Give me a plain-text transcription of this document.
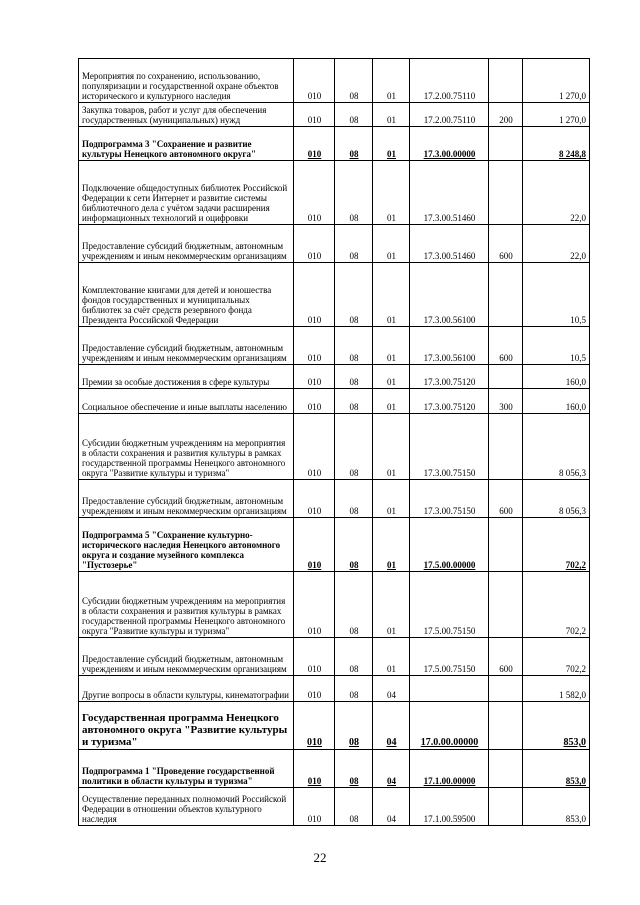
Мероприятия по сохранению, использованию, популяризации и государственной охране объектов исторического и культурного наследия	010	08	01	17.2.00.75110		1 270,0
Закупка товаров, работ и услуг для обеспечения государственных (муниципальных) нужд	010	08	01	17.2.00.75110	200	1 270,0
Подпрограмма 3 "Сохранение и развитие культуры Ненецкого автономного округа"	010	08	01	17.3.00.00000		8 248,8
Подключение общедоступных библиотек Российской Федерации к сети Интернет и развитие системы библиотечного дела с учётом задачи расширения информационных технологий и оцифровки	010	08	01	17.3.00.51460		22,0
Предоставление субсидий бюджетным, автономным учреждениям и иным некоммерческим организациям	010	08	01	17.3.00.51460	600	22,0
Комплектование книгами для детей и юношества фондов государственных и муниципальных библиотек за счёт средств резервного фонда Президента Российской Федерации	010	08	01	17.3.00.56100		10,5
Предоставление субсидий бюджетным, автономным учреждениям и иным некоммерческим организациям	010	08	01	17.3.00.56100	600	10,5
Премии за особые достижения в сфере культуры	010	08	01	17.3.00.75120		160,0
Социальное обеспечение и иные выплаты населению	010	08	01	17.3.00.75120	300	160,0
Субсидии бюджетным учреждениям на мероприятия в области сохранения и развития культуры в рамках государственной программы Ненецкого автономного округа "Развитие культуры и туризма"	010	08	01	17.3.00.75150		8 056,3
Предоставление субсидий бюджетным, автономным учреждениям и иным некоммерческим организациям	010	08	01	17.3.00.75150	600	8 056,3
Подпрограмма 5 "Сохранение культурно-исторического наследия Ненецкого автономного округа и создание музейного комплекса "Пустозерье"	010	08	01	17.5.00.00000		702,2
Субсидии бюджетным учреждениям на мероприятия в области сохранения и развития культуры в рамках государственной программы Ненецкого автономного округа "Развитие культуры и туризма"	010	08	01	17.5.00.75150		702,2
Предоставление субсидий бюджетным, автономным учреждениям и иным некоммерческим организациям	010	08	01	17.5.00.75150	600	702,2
Другие вопросы в области культуры, кинематографии	010	08	04			1 582,0
Государственная программа Ненецкого автономного округа "Развитие культуры и туризма"	010	08	04	17.0.00.00000		853,0
Подпрограмма 1 "Проведение государственной политики в области культуры и туризма"	010	08	04	17.1.00.00000		853,0
Осуществление переданных полномочий Российской Федерации в отношении объектов культурного наследия	010	08	04	17.1.00.59500		853,0
22
